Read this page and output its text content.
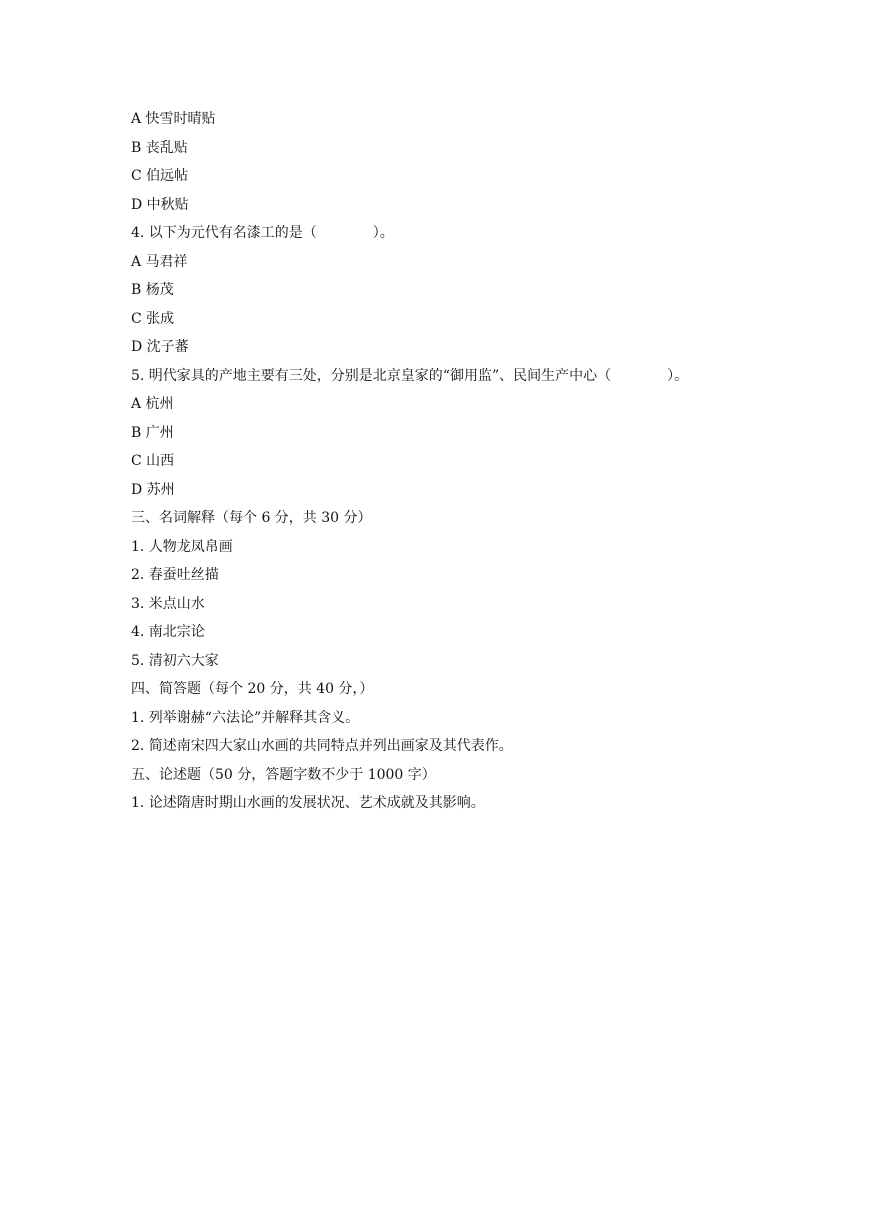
A 快雪时晴贴
B 丧乱贴
C 伯远帖
D 中秋贴
4. 以下为元代有名漆工的是（　　　　）。
A 马君祥
B 杨茂
C 张成
D 沈子蕃
5. 明代家具的产地主要有三处，分别是北京皇家的“御用监”、民间生产中心（　　　　）。
A 杭州
B 广州
C 山西
D 苏州
三、名词解释（每个 6 分，共 30 分）
1. 人物龙凤帛画
2. 春蚕吐丝描
3. 米点山水
4. 南北宗论
5. 清初六大家
四、简答题（每个 20 分，共 40 分，）
1. 列举谢赫“六法论”并解释其含义。
2. 简述南宋四大家山水画的共同特点并列出画家及其代表作。
五、论述题（50 分，答题字数不少于 1000 字）
1. 论述隋唐时期山水画的发展状况、艺术成就及其影响。
